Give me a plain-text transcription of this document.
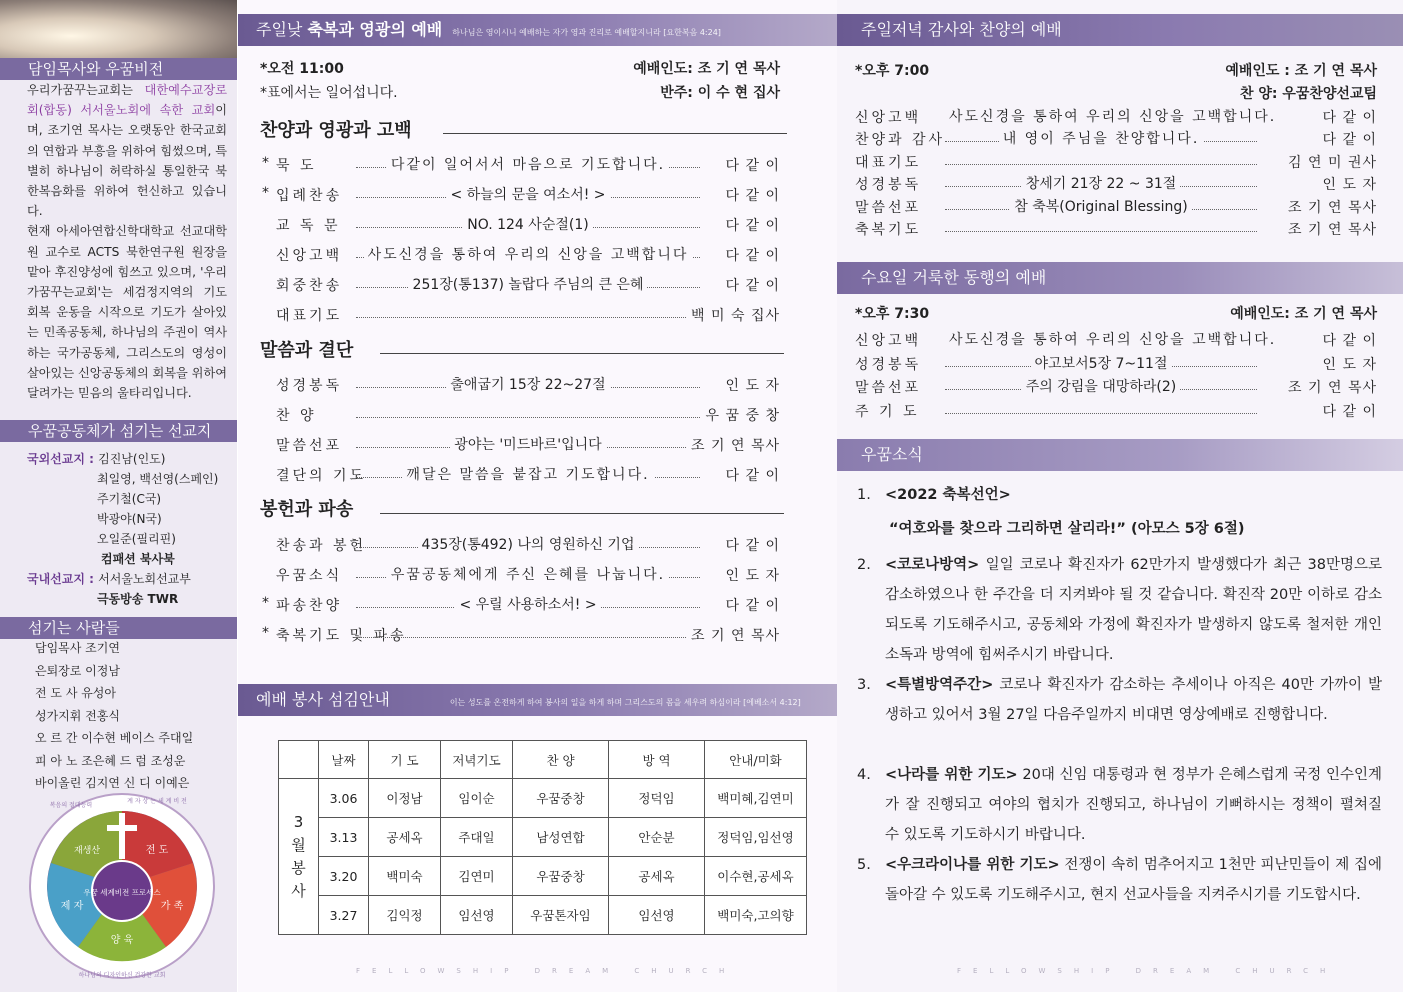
담임목사와 우꿈비전
우리가꿈꾸는교회는 대한예수교장로회(합동) 서서울노회에 속한 교회이며, 조기연 목사는 오랫동안 한국교회의 연합과 부흥을 위하여 힘썼으며, 특별히 하나님이 허락하실 통일한국 북한복음화를 위하여 헌신하고 있습니다.
현재 아세아연합신학대학교 선교대학원 교수로 ACTS 북한연구원 원장을 맡아 후진양성에 힘쓰고 있으며, '우리가꿈꾸는교회'는 세검정지역의 기도 회복 운동을 시작으로 기도가 살아있는 민족공동체, 하나님의 주권이 역사하는 국가공동체, 그리스도의 영성이 살아있는 신앙공동체의 회복을 위하여 달려가는 믿음의 울타리입니다.
우꿈공동체가 섬기는 선교지
국외선교지 : 김진남(인도)
최일영, 백선영(스페인)
주기철(C국)
박광야(N국)
오일준(필리핀)
컴패션 북사북
국내선교지 : 서서울노회선교부
극동방송 TWR
섬기는 사람들
담임목사 조기연
은퇴장로 이정남
전 도 사 유성아
성가지휘 전홍식
오 르 간 이수현 베이스 주대일
피 아 노 조은혜 드 럼 조성운
바이올린 김지연 신 디 이예은
재생산	전 도
가 족
양 육
제 자
우꿈 세계비전 프로세스
계 자 상 는 세 계 비 전
복음의 절대능력
하나님의 디자인하신 건강한 교회
주일낮 축복과 영광의 예배 하나님은 영이시니 예배하는 자가 영과 진리로 예배할지니라 [요한복음 4:24]
*오전 11:00
*표에서는 일어섭니다.
예배인도: 조 기 연 목사
반주: 이 수 현 집사
찬양과 영광과 고백
* 묵 도	다같이 일어서서 마음으로 기도합니다.	다 같 이
* 입례찬송	< 하늘의 문을 여소서! >	다 같 이
교 독 문	NO. 124 사순절(1)	다 같 이
신앙고백	사도신경을 통하여 우리의 신앙을 고백합니다	다 같 이
회중찬송	251장(통137) 놀랍다 주님의 큰 은혜	다 같 이
대표기도	백 미 숙 집사
말씀과 결단
성경봉독	출애굽기 15장 22~27절	인 도 자
찬 양	우 꿈 중 창
말씀선포	광야는 '미드바르'입니다	조 기 연 목사
결단의 기도	깨달은 말씀을 붙잡고 기도합니다.	다 같 이
봉헌과 파송
찬송과 봉헌	435장(통492) 나의 영원하신 기업	다 같 이
우꿈소식	우꿈공동체에게 주신 은혜를 나눕니다.	인 도 자
* 파송찬양	< 우릴 사용하소서! >	다 같 이
* 축복기도 및 파송	조 기 연 목사
예배 봉사 섬김안내	이는 성도를 온전하게 하여 봉사의 일을 하게 하며 그리스도의 몸을 세우려 하심이라 [에베소서 4:12]
	날짜	기 도	저녁기도	찬 양	방 역	안내/미화

3
월
봉
사	3.06	이정남	임이순	우꿈중창	정덕임	백미혜,김연미
	3.13	공세옥	주대일	남성연합	안순분	정덕임,임선영
	3.20	백미숙	김연미	우꿈중창	공세옥	이수현,공세옥
	3.27	김익정	임선영	우꿈톤자임	임선영	백미숙,고의향
FELLOWSHIP DREAM CHURCH
주일저녁 감사와 찬양의 예배
*오후 7:00	예배인도 : 조 기 연 목사
찬 양: 우꿈찬양선교팀
신앙고백 사도신경을 통하여 우리의 신앙을 고백합니다.	다 같 이
찬양과 감사	내 영이 주님을 찬양합니다.	다 같 이
대표기도	김 연 미 권사
성경봉독	창세기 21장 22 ~ 31절	인 도 자
말씀선포	참 축복(Original Blessing)	조 기 연 목사
축복기도	조 기 연 목사
수요일 거룩한 동행의 예배
*오후 7:30	예배인도: 조 기 연 목사
신앙고백 사도신경을 통하여 우리의 신앙을 고백합니다.	다 같 이
성경봉독	야고보서5장 7~11절	인 도 자
말씀선포	주의 강림을 대망하라(2)	조 기 연 목사
주 기 도	다 같 이
우꿈소식
1. <2022 축복선언>
“여호와를 찾으라 그리하면 살리라!” (아모스 5장 6절)
2. <코로나방역> 일일 코로나 확진자가 62만가지 발생했다가 최근 38만명으로 감소하였으나 한 주간을 더 지켜봐야 될 것 같습니다. 확진작 20만 이하로 감소되도록 기도해주시고, 공동체와 가정에 확진자가 발생하지 않도록 철저한 개인 소독과 방역에 힘써주시기 바랍니다.
3. <특별방역주간> 코로나 확진자가 감소하는 추세이나 아직은 40만 가까이 발생하고 있어서 3월 27일 다음주일까지 비대면 영상예배로 진행합니다.
4. <나라를 위한 기도> 20대 신임 대통령과 현 정부가 은혜스럽게 국정 인수인계가 잘 진행되고 여야의 협치가 진행되고, 하나님이 기뻐하시는 정책이 펼쳐질 수 있도록 기도하시기 바랍니다.
5. <우크라이나를 위한 기도> 전쟁이 속히 멈추어지고 1천만 피난민들이 제 집에 돌아갈 수 있도록 기도해주시고, 현지 선교사들을 지켜주시기를 기도합시다.
FELLOWSHIP DREAM CHURCH
